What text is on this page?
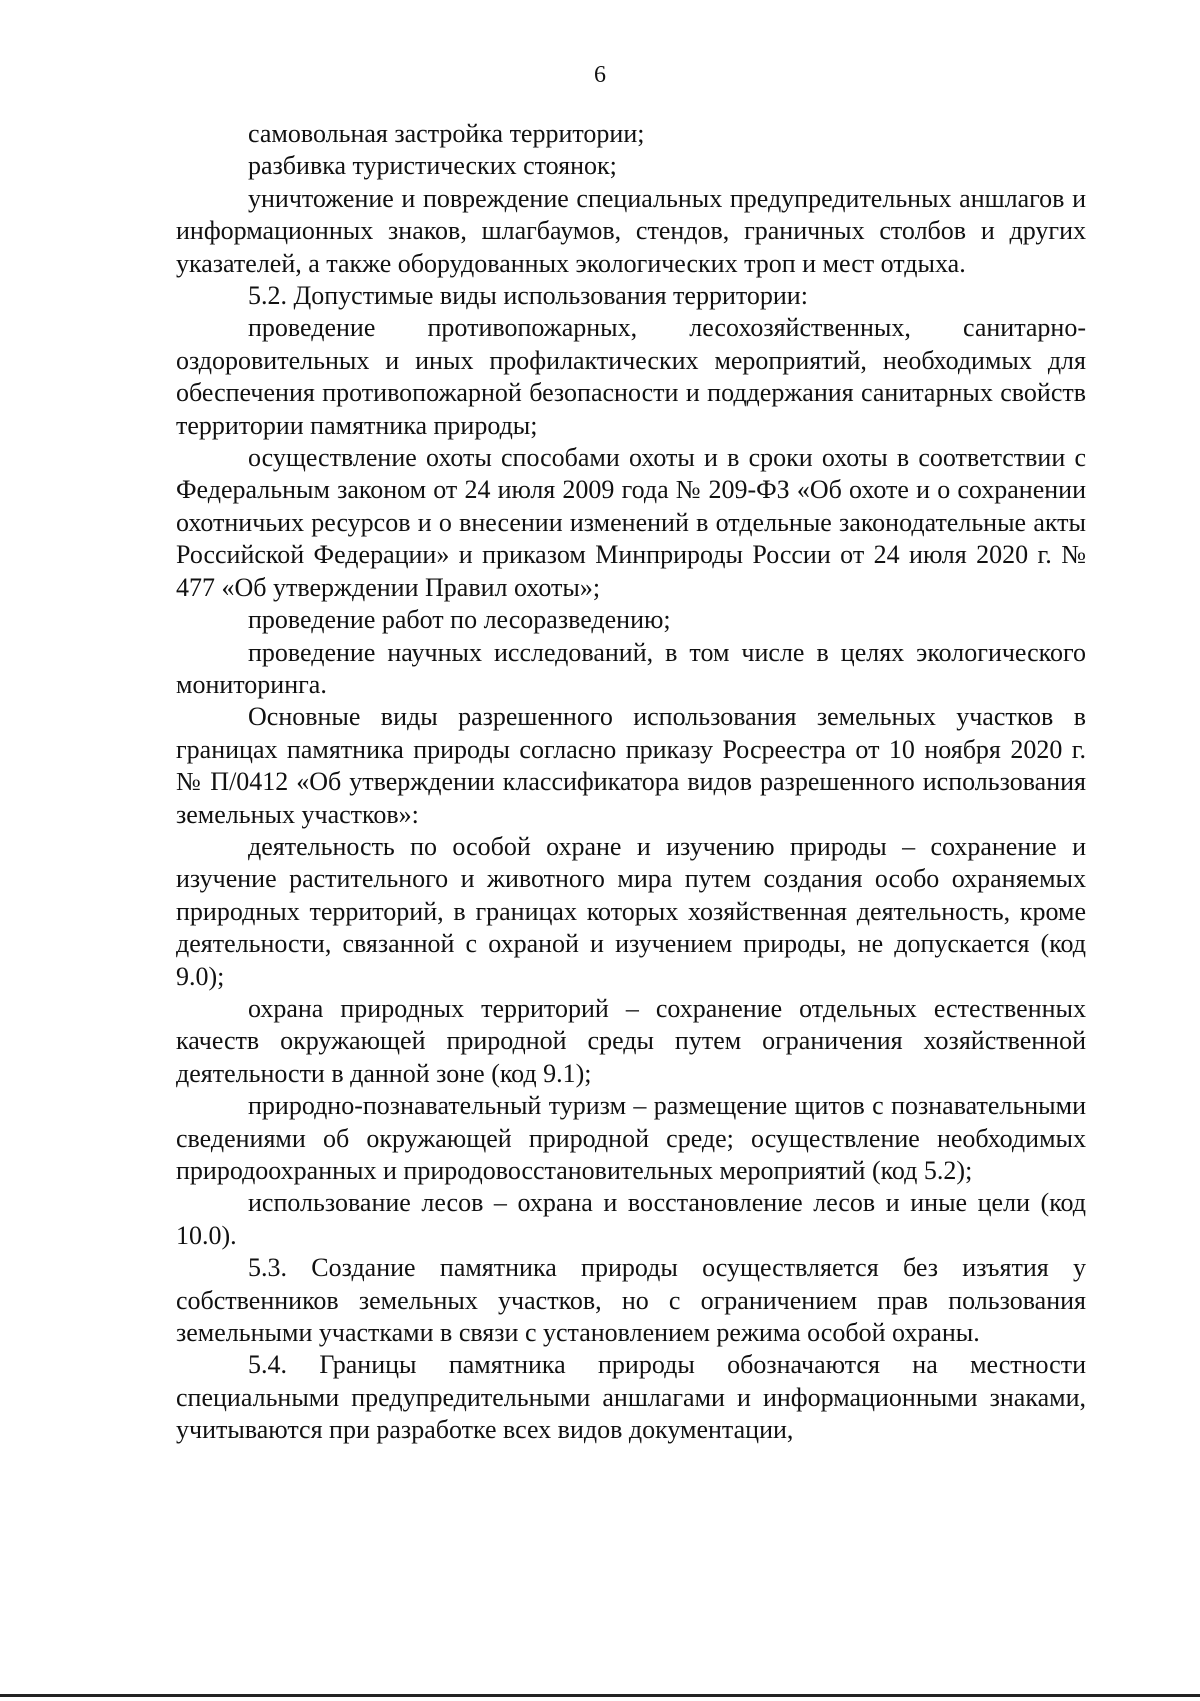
6

самовольная застройка территории;

разбивка туристических стоянок;

уничтожение и повреждение специальных предупредительных аншлагов и информационных знаков, шлагбаумов, стендов, граничных столбов и других указателей, а также оборудованных экологических троп и мест отдыха.

5.2. Допустимые виды использования территории:

проведение противопожарных, лесохозяйственных, санитарно-оздоровительных и иных профилактических мероприятий, необходимых для обеспечения противопожарной безопасности и поддержания санитарных свойств территории памятника природы;

осуществление охоты способами охоты и в сроки охоты в соответствии с Федеральным законом от 24 июля 2009 года № 209-ФЗ «Об охоте и о сохранении охотничьих ресурсов и о внесении изменений в отдельные законодательные акты Российской Федерации» и приказом Минприроды России от 24 июля 2020 г. № 477 «Об утверждении Правил охоты»;

проведение работ по лесоразведению;

проведение научных исследований, в том числе в целях экологического мониторинга.

Основные виды разрешенного использования земельных участков в границах памятника природы согласно приказу Росреестра от 10 ноября 2020 г. № П/0412 «Об утверждении классификатора видов разрешенного использования земельных участков»:

деятельность по особой охране и изучению природы – сохранение и изучение растительного и животного мира путем создания особо охраняемых природных территорий, в границах которых хозяйственная деятельность, кроме деятельности, связанной с охраной и изучением природы, не допускается (код 9.0);

охрана природных территорий – сохранение отдельных естественных качеств окружающей природной среды путем ограничения хозяйственной деятельности в данной зоне (код 9.1);

природно-познавательный туризм – размещение щитов с познавательными сведениями об окружающей природной среде; осуществление необходимых природоохранных и природовосстановительных мероприятий (код 5.2);

использование лесов – охрана и восстановление лесов и иные цели (код 10.0).

5.3. Создание памятника природы осуществляется без изъятия у собственников земельных участков, но с ограничением прав пользования земельными участками в связи с установлением режима особой охраны.

5.4. Границы памятника природы обозначаются на местности специальными предупредительными аншлагами и информационными знаками, учитываются при разработке всех видов документации,
